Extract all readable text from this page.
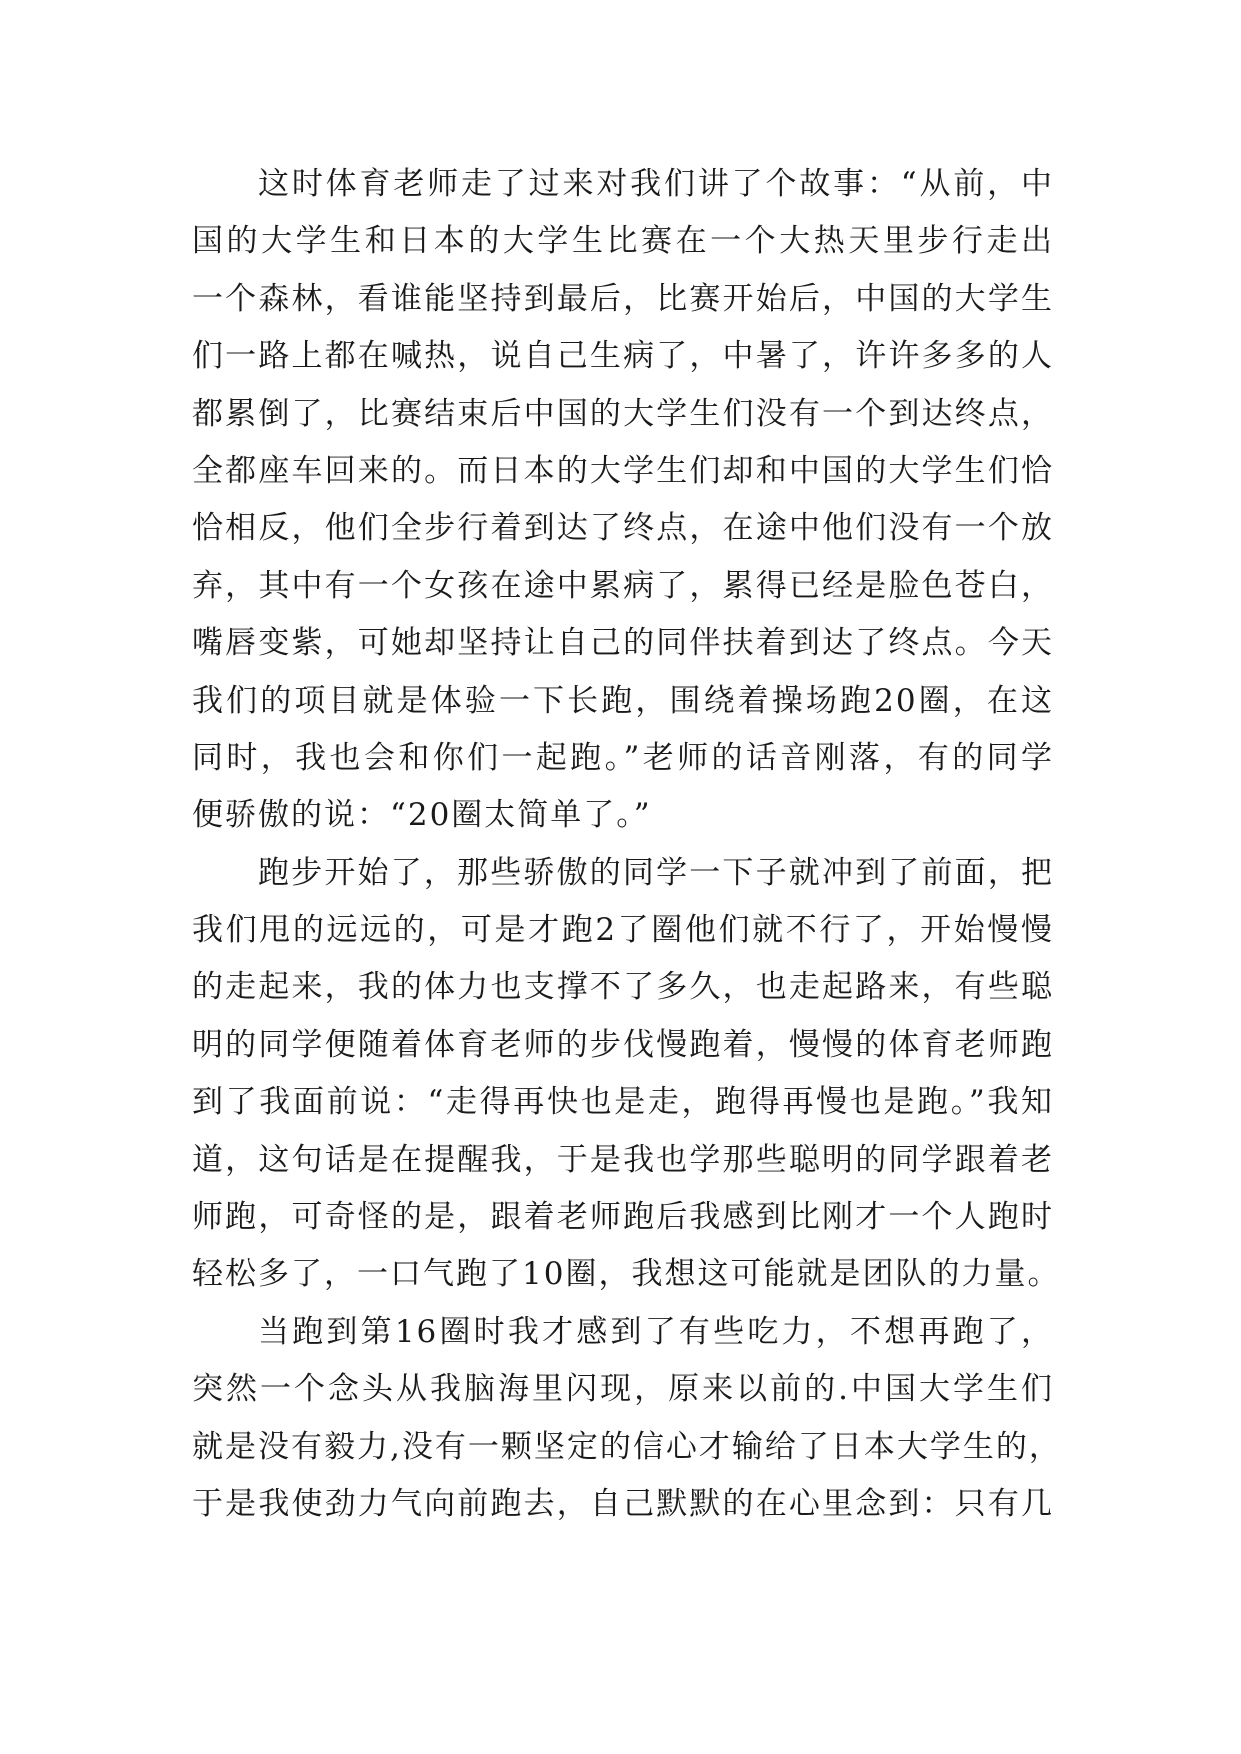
这时体育老师走了过来对我们讲了个故事：“从前，中
国的大学生和日本的大学生比赛在一个大热天里步行走出
一个森林，看谁能坚持到最后，比赛开始后，中国的大学生
们一路上都在喊热，说自己生病了，中暑了，许许多多的人
都累倒了，比赛结束后中国的大学生们没有一个到达终点，
全都座车回来的。而日本的大学生们却和中国的大学生们恰
恰相反，他们全步行着到达了终点，在途中他们没有一个放
弃，其中有一个女孩在途中累病了，累得已经是脸色苍白，
嘴唇变紫，可她却坚持让自己的同伴扶着到达了终点。今天
我们的项目就是体验一下长跑，围绕着操场跑20圈，在这
同时，我也会和你们一起跑。”老师的话音刚落，有的同学
便骄傲的说：“20圈太简单了。”
跑步开始了，那些骄傲的同学一下子就冲到了前面，把
我们甩的远远的，可是才跑2了圈他们就不行了，开始慢慢
的走起来，我的体力也支撑不了多久，也走起路来，有些聪
明的同学便随着体育老师的步伐慢跑着，慢慢的体育老师跑
到了我面前说：“走得再快也是走，跑得再慢也是跑。”我知
道，这句话是在提醒我，于是我也学那些聪明的同学跟着老
师跑，可奇怪的是，跟着老师跑后我感到比刚才一个人跑时
轻松多了，一口气跑了10圈，我想这可能就是团队的力量。
当跑到第16圈时我才感到了有些吃力，不想再跑了，
突然一个念头从我脑海里闪现，原来以前的.中国大学生们
就是没有毅力,没有一颗坚定的信心才输给了日本大学生的，
于是我使劲力气向前跑去，自己默默的在心里念到：只有几
